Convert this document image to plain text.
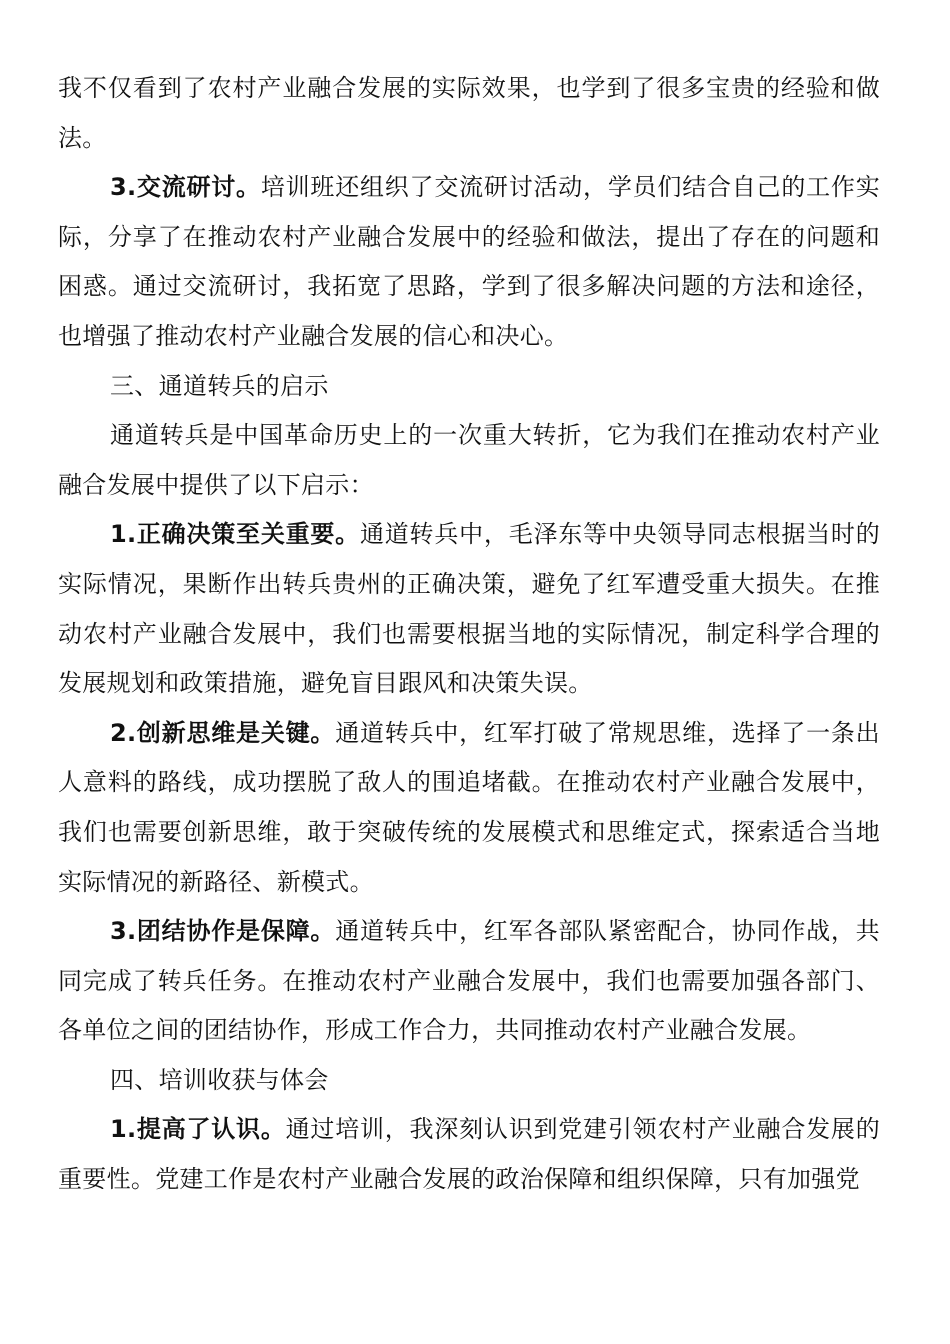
我不仅看到了农村产业融合发展的实际效果，也学到了很多宝贵的经验和做法。

3.交流研讨。培训班还组织了交流研讨活动，学员们结合自己的工作实际，分享了在推动农村产业融合发展中的经验和做法，提出了存在的问题和困惑。通过交流研讨，我拓宽了思路，学到了很多解决问题的方法和途径，也增强了推动农村产业融合发展的信心和决心。

三、通道转兵的启示

通道转兵是中国革命历史上的一次重大转折，它为我们在推动农村产业融合发展中提供了以下启示：

1.正确决策至关重要。通道转兵中，毛泽东等中央领导同志根据当时的实际情况，果断作出转兵贵州的正确决策，避免了红军遭受重大损失。在推动农村产业融合发展中，我们也需要根据当地的实际情况，制定科学合理的发展规划和政策措施，避免盲目跟风和决策失误。

2.创新思维是关键。通道转兵中，红军打破了常规思维，选择了一条出人意料的路线，成功摆脱了敌人的围追堵截。在推动农村产业融合发展中，我们也需要创新思维，敢于突破传统的发展模式和思维定式，探索适合当地实际情况的新路径、新模式。

3.团结协作是保障。通道转兵中，红军各部队紧密配合，协同作战，共同完成了转兵任务。在推动农村产业融合发展中，我们也需要加强各部门、各单位之间的团结协作，形成工作合力，共同推动农村产业融合发展。

四、培训收获与体会

1.提高了认识。通过培训，我深刻认识到党建引领农村产业融合发展的重要性。党建工作是农村产业融合发展的政治保障和组织保障，只有加强党
